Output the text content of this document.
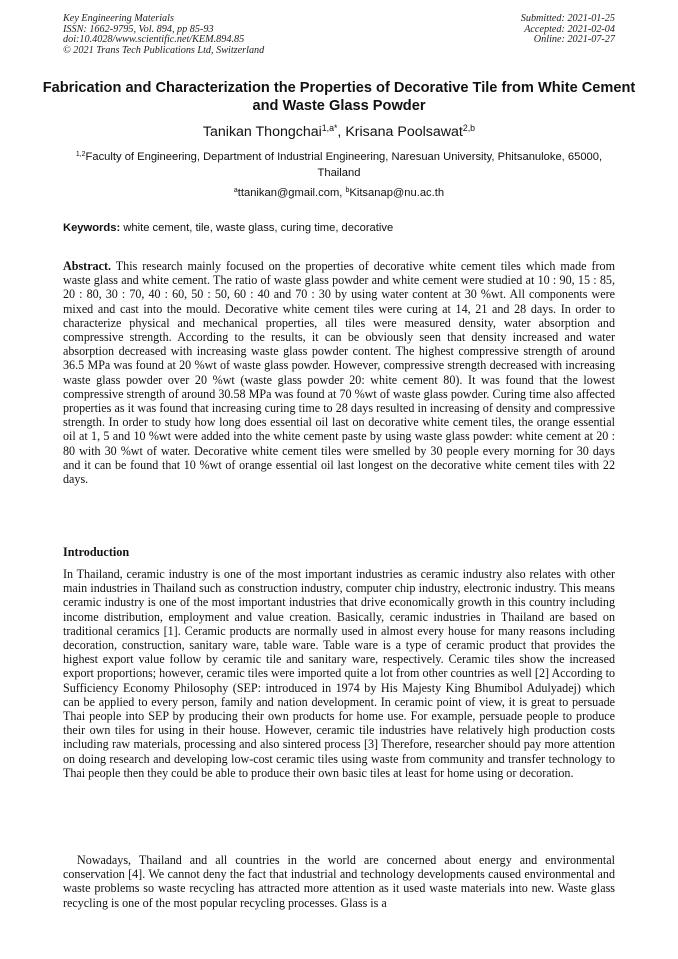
Key Engineering Materials
ISSN: 1662-9795, Vol. 894, pp 85-93
doi:10.4028/www.scientific.net/KEM.894.85
© 2021 Trans Tech Publications Ltd, Switzerland
Submitted: 2021-01-25
Accepted: 2021-02-04
Online: 2021-07-27
Fabrication and Characterization the Properties of Decorative Tile from White Cement and Waste Glass Powder
Tanikan Thongchai$^{1,a*}$, Krisana Poolsawat$^{2,b}$
$^{1,2}$Faculty of Engineering, Department of Industrial Engineering, Naresuan University, Phitsanuloke, 65000, Thailand
$^a$ttanikan@gmail.com, $^b$Kitsanap@nu.ac.th
Keywords: white cement, tile, waste glass, curing time, decorative

Abstract. This research mainly focused on the properties of decorative white cement tiles which made from waste glass and white cement. The ratio of waste glass powder and white cement were studied at 10 : 90, 15 : 85, 20 : 80, 30 : 70, 40 : 60, 50 : 50, 60 : 40 and 70 : 30 by using water content at 30 %wt. All components were mixed and cast into the mould. Decorative white cement tiles were curing at 14, 21 and 28 days. In order to characterize physical and mechanical properties, all tiles were measured density, water absorption and compressive strength. According to the results, it can be obviously seen that density increased and water absorption decreased with increasing waste glass powder content. The highest compressive strength of around 36.5 MPa was found at 20 %wt of waste glass powder. However, compressive strength decreased with increasing waste glass powder over 20 %wt (waste glass powder 20: white cement 80). It was found that the lowest compressive strength of around 30.58 MPa was found at 70 %wt of waste glass powder. Curing time also affected properties as it was found that increasing curing time to 28 days resulted in increasing of density and compressive strength. In order to study how long does essential oil last on decorative white cement tiles, the orange essential oil at 1, 5 and 10 %wt were added into the white cement paste by using waste glass powder: white cement at 20 : 80 with 30 %wt of water. Decorative white cement tiles were smelled by 30 people every morning for 30 days and it can be found that 10 %wt of orange essential oil last longest on the decorative white cement tiles with 22 days.

Introduction

In Thailand, ceramic industry is one of the most important industries as ceramic industry also relates with other main industries in Thailand such as construction industry, computer chip industry, electronic industry. This means ceramic industry is one of the most important industries that drive economically growth in this country including income distribution, employment and value creation. Basically, ceramic industries in Thailand are based on traditional ceramics [1]. Ceramic products are normally used in almost every house for many reasons including decoration, construction, sanitary ware, table ware. Table ware is a type of ceramic product that provides the highest export value follow by ceramic tile and sanitary ware, respectively. Ceramic tiles show the increased export proportions; however, ceramic tiles were imported quite a lot from other countries as well [2] According to Sufficiency Economy Philosophy (SEP: introduced in 1974 by His Majesty King Bhumibol Adulyadej) which can be applied to every person, family and nation development. In ceramic point of view, it is great to persuade Thai people into SEP by producing their own products for home use. For example, persuade people to produce their own tiles for using in their house. However, ceramic tile industries have relatively high production costs including raw materials, processing and also sintered process [3] Therefore, researcher should pay more attention on doing research and developing low-cost ceramic tiles using waste from community and transfer technology to Thai people then they could be able to produce their own basic tiles at least for home using or decoration.

Nowadays, Thailand and all countries in the world are concerned about energy and environmental conservation [4]. We cannot deny the fact that industrial and technology developments caused environmental and waste problems so waste recycling has attracted more attention as it used waste materials into new. Waste glass recycling is one of the most popular recycling processes. Glass is a
